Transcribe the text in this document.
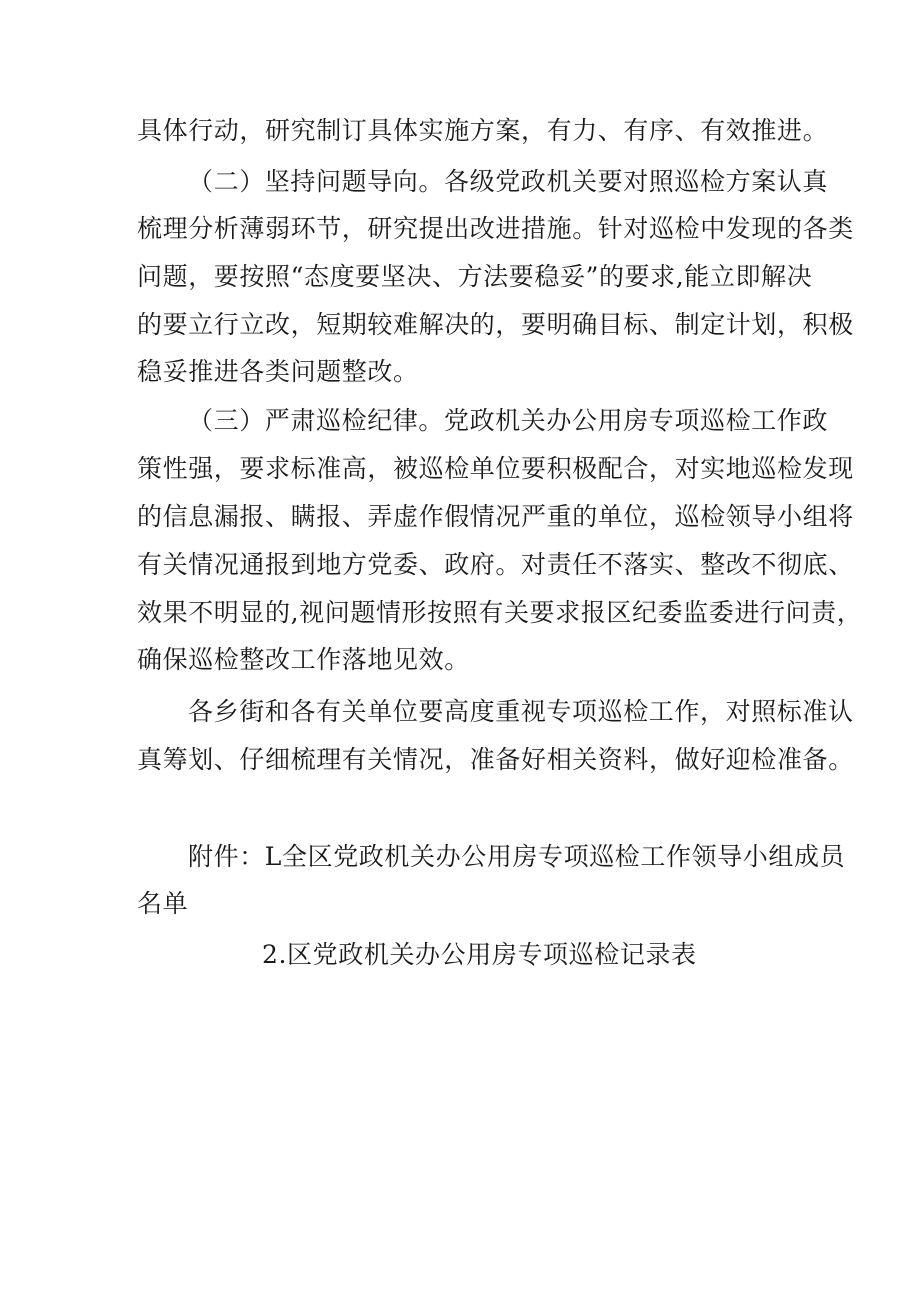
具体行动，研究制订具体实施方案，有力、有序、有效推进。
（二）坚持问题导向。各级党政机关要对照巡检方案认真
梳理分析薄弱环节，研究提出改进措施。针对巡检中发现的各类
问题，要按照“态度要坚决、方法要稳妥”的要求,能立即解决
的要立行立改，短期较难解决的，要明确目标、制定计划，积极
稳妥推进各类问题整改。
（三）严肃巡检纪律。党政机关办公用房专项巡检工作政
策性强，要求标准高，被巡检单位要积极配合，对实地巡检发现
的信息漏报、瞒报、弄虚作假情况严重的单位，巡检领导小组将
有关情况通报到地方党委、政府。对责任不落实、整改不彻底、
效果不明显的,视问题情形按照有关要求报区纪委监委进行问责，
确保巡检整改工作落地见效。
各乡街和各有关单位要高度重视专项巡检工作，对照标准认
真筹划、仔细梳理有关情况，准备好相关资料，做好迎检准备。
附件：L全区党政机关办公用房专项巡检工作领导小组成员
名单
2.区党政机关办公用房专项巡检记录表
